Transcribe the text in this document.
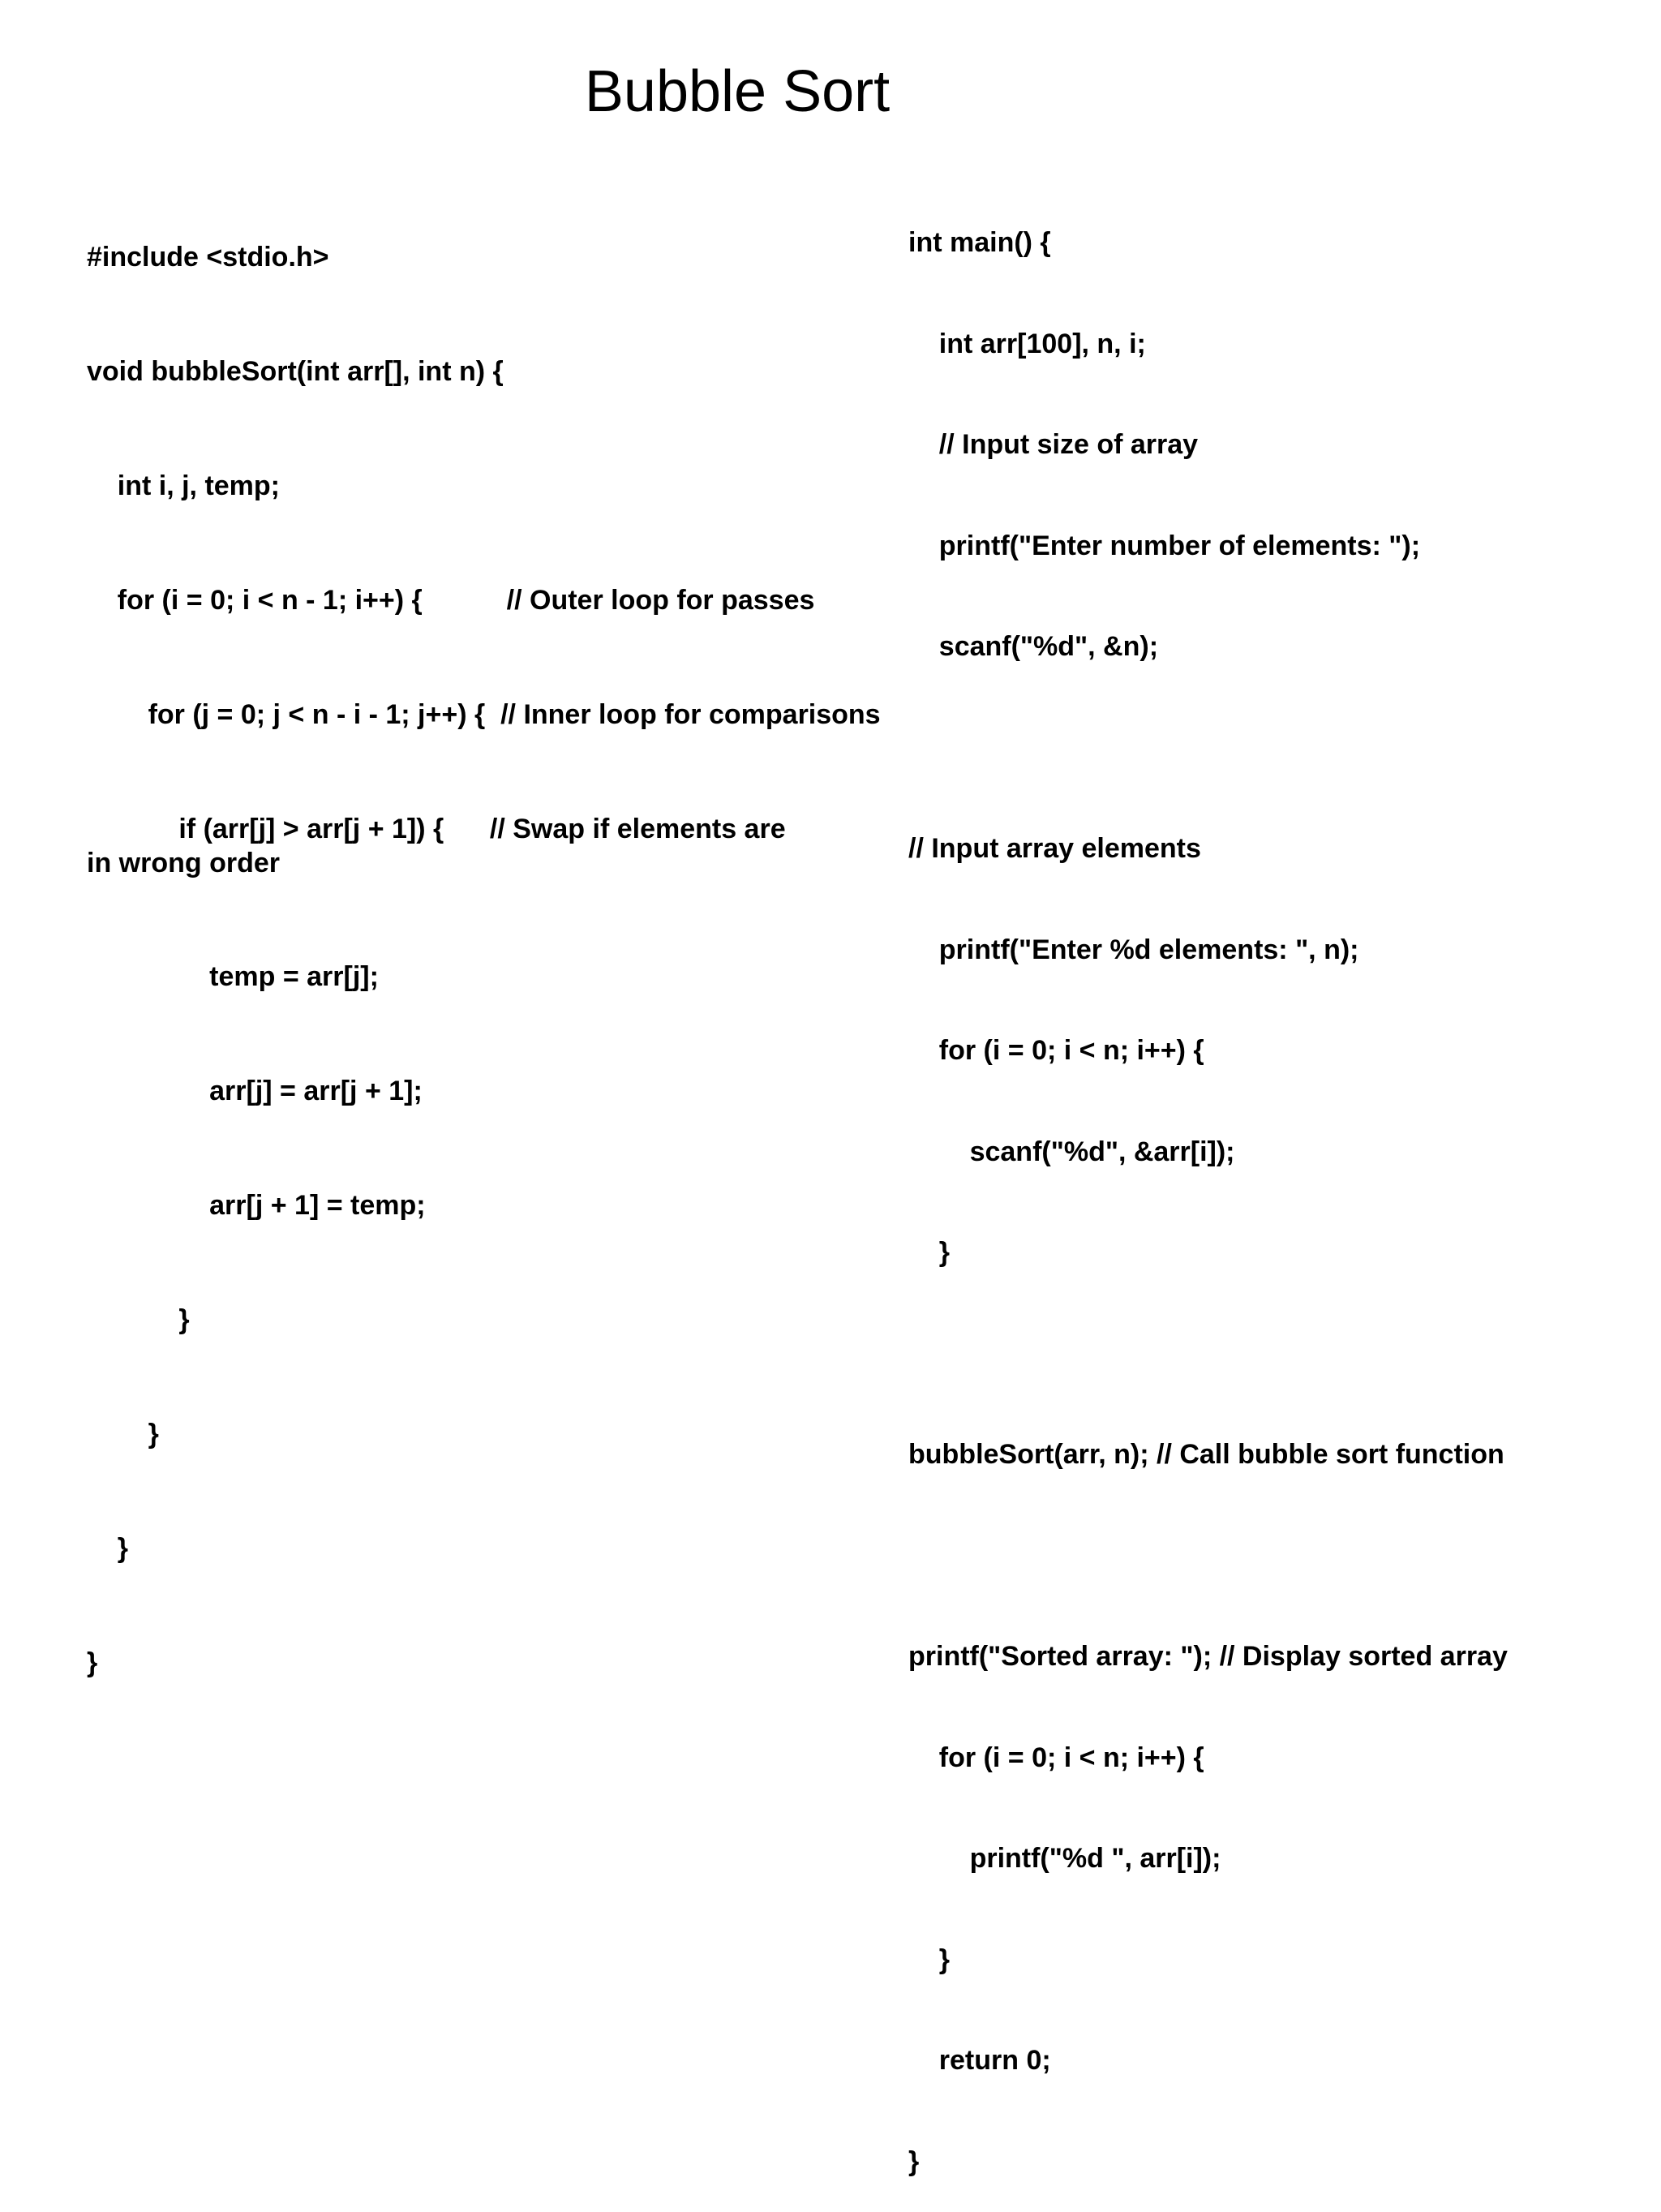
Bubble Sort

#include <stdio.h>

void bubbleSort(int arr[], int n) {

int i, j, temp;

for (i = 0; i < n - 1; i++) {           // Outer loop for passes

for (j = 0; j < n - i - 1; j++) {  // Inner loop for comparisons

if (arr[j] > arr[j + 1]) {      // Swap if elements are in wrong order

temp = arr[j];

arr[j] = arr[j + 1];

arr[j + 1] = temp;

}

}

}

}

int main() {

int arr[100], n, i;

// Input size of array

printf("Enter number of elements: ");

scanf("%d", &n);

// Input array elements

printf("Enter %d elements: ", n);

for (i = 0; i < n; i++) {

scanf("%d", &arr[i]);

}

bubbleSort(arr, n); // Call bubble sort function

printf("Sorted array: "); // Display sorted array

for (i = 0; i < n; i++) {

printf("%d ", arr[i]);

}

return 0;

}
